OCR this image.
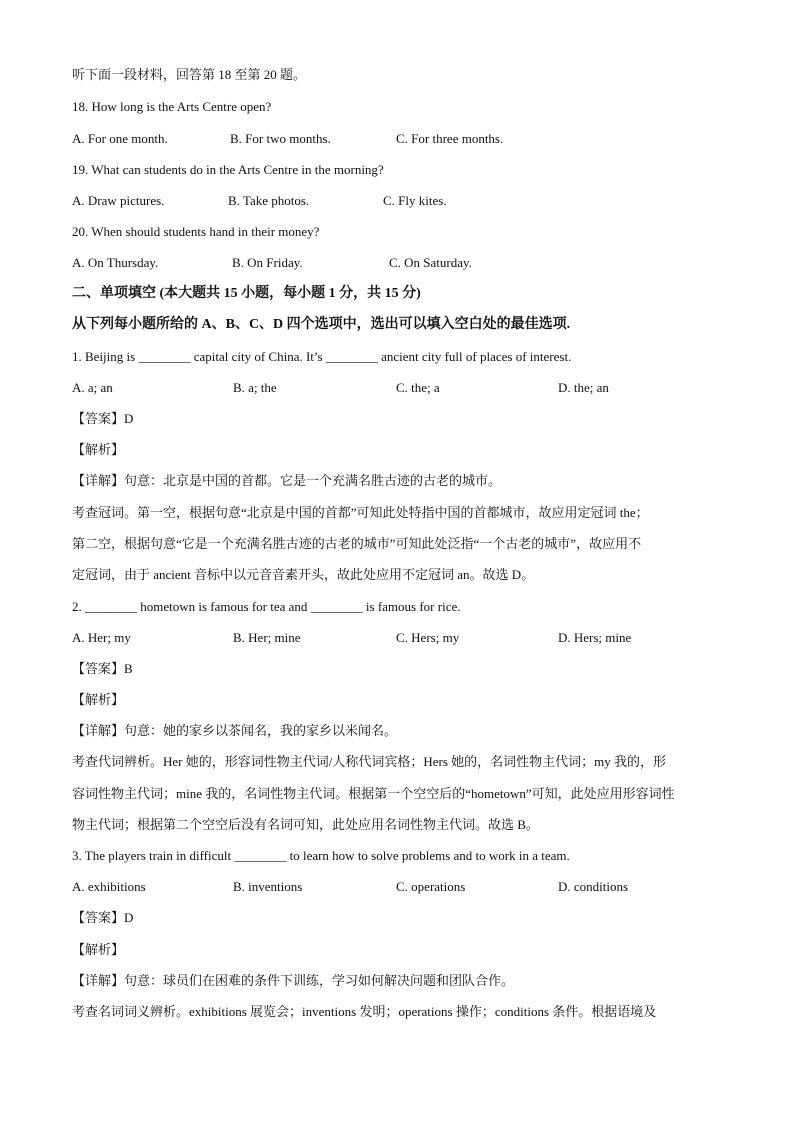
听下面一段材料，回答第 18 至第 20 题。
18. How long is the Arts Centre open?
A. For one month.	B. For two months.	C. For three months.
19. What can students do in the Arts Centre in the morning?
A. Draw pictures.	B. Take photos.	C. Fly kites.
20. When should students hand in their money?
A. On Thursday.	B. On Friday.	C. On Saturday.
二、单项填空 (本大题共 15 小题，每小题 1 分，共 15 分)
从下列每小题所给的 A、B、C、D 四个选项中，选出可以填入空白处的最佳选项.
1. Beijing is ________ capital city of China. It’s ________ ancient city full of places of interest.
A. a; an	B. a; the	C. the; a	D. the; an
【答案】D
【解析】
【详解】句意：北京是中国的首都。它是一个充满名胜古迹的古老的城市。
考查冠词。第一空，根据句意“北京是中国的首都”可知此处特指中国的首都城市，故应用定冠词 the；
第二空，根据句意“它是一个充满名胜古迹的古老的城市”可知此处泛指“一个古老的城市”，故应用不
定冠词，由于 ancient 音标中以元音音素开头，故此处应用不定冠词 an。故选 D。
2. ________ hometown is famous for tea and ________ is famous for rice.
A. Her; my	B. Her; mine	C. Hers; my	D. Hers; mine
【答案】B
【解析】
【详解】句意：她的家乡以茶闻名，我的家乡以米闻名。
考查代词辨析。Her 她的，形容词性物主代词/人称代词宾格；Hers 她的，名词性物主代词；my 我的，形
容词性物主代词；mine 我的，名词性物主代词。根据第一个空空后的“hometown”可知，此处应用形容词性
物主代词；根据第二个空空后没有名词可知，此处应用名词性物主代词。故选 B。
3. The players train in difficult ________ to learn how to solve problems and to work in a team.
A. exhibitions	B. inventions	C. operations	D. conditions
【答案】D
【解析】
【详解】句意：球员们在困难的条件下训练，学习如何解决问题和团队合作。
考查名词词义辨析。exhibitions 展览会；inventions 发明；operations 操作；conditions 条件。根据语境及
